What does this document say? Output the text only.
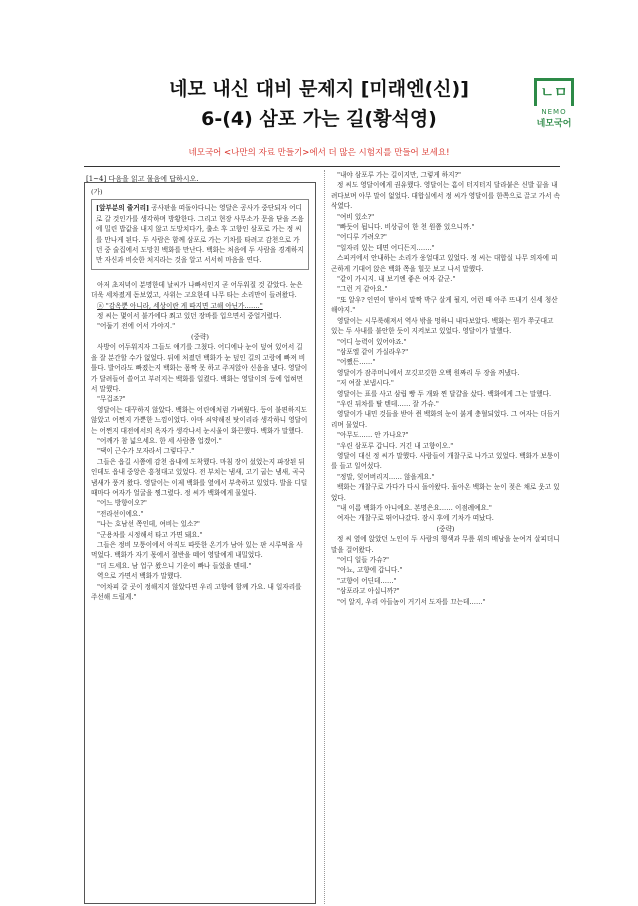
네모 내신 대비 문제지 [미래엔(신)]
6-(4) 삼포 가는 길(황석영)
ㄴㅁ
NEMO
네모국어
네모국어 <나만의 자료 만들기>에서 더 많은 시험지를 만들어 보세요!
[1~4] 다음을 읽고 물음에 답하시오.

(가)

[앞부분의 줄거리] 공사판을 떠돌아다니는 영달은 공사가 중단되자 어디로 갈 것인가를 생각하며 방황한다. 그리고 현장 사무소가 문을 닫을 즈음에 밀린 밥값을 내지 않고 도망치다가, 출소 후 고향인 삼포로 가는 정 씨를 만나게 된다. 두 사람은 함께 삼포로 가는 기차를 타려고 감천으로 가던 중 술집에서 도망친 백화를 만난다. 백화는 처음에 두 사람을 경계하지만 자신과 비슷한 처지라는 것을 알고 서서히 마음을 연다.

아저 초저녁이 분명한데 날씨가 나빠서인지 곧 어두워질 것 같았다. 눈은 더욱 세차졌게 돋보였고, 사위는 고요한데 나무 타는 소리만이 들려왔다.

ⓐ "감옥뿐 아니라, 세상이란 게 따지면 고해 아닌가……."

정 씨는 몇이서 불가에다 쬐고 있던 장바를 입으면서 중얼거렸다.

"어둡기 전에 어서 가야지."

(중략)

사방이 어두워지자 그들도 얘기를 그쳤다. 어디에나 눈이 덮여 있어서 길을 잘 분간할 수가 없었다. 뒤에 처졌던 백화가 눈 덮인 길의 고랑에 빠져 비틀다. 발어라도 빠졌는지 백화는 몸짝 못 하고 주저앉아 신음을 냈다. 영달이가 달려들어 쓸어고 부러지는 백화를 일켰다. 백화는 영달이의 등에 업혀먼서 말했다.

"무겁죠?"

영달이는 대꾸하지 않았다. 백화는 어린애처럼 가벼웠다. 등이 불편하지도 않았고 어쩐지 가뿐한 느낌이었다. 아마 쇠약해진 탓이리라 생각하니 영달이는 어쩐지 대전에서의 옥자가 생각나서 눈시울이 화끈했다. 백화가 말했다.

"어깨가 참 넓으세요. 한 세 사람쯤 업겠어."

"댁이 근수가 모자라서 그렇다구."

그들은 읍길 시쯤에 감천 읍내에 도착했다. 마침 장이 섰었는지 파장된 뒤인데도 읍내 중앙은 흥청대고 있었다. 전 부치는 냄새, 고기 굽는 냄새, 곡국 냄새가 풍겨 왔다. 영달이는 이제 백화를 옆에서 부축하고 있었다. 발을 디딜 때마다 여자가 얼굴을 찡그렸다. 정 씨가 백화에게 물었다.

"어느 방향이오?"

"전라선이에요."

"나는 호남선 쪽인데, 여비는 있소?"

"군용차를 시정해서 타고 가면 돼요."

그들은 정비 모퉁이에서 아직도 따뜻한 온기가 남아 있는 판 시루떡을 사먹었다. 백화가 자기 몫에서 절반을 떼어 영달에게 내밀었다.

"더 드세요. 남 업구 왔으니 기운이 빠나 들었을 텐데."

역으로 가면서 백화가 말했다.

"어차피 갈 곳이 정해지지 않았다면 우리 고향에 함께 가요. 내 일자리를 주선해 드릴게."

"내야 삼포루 가는 길이지만, 그렇게 하지?"

정 씨도 영달이에게 권유했다. 영달이는 흠이 터지터지 달라붙은 신발 끝을 내려다보며 아무 말이 없었다. 대합실에서 정 씨가 영달이를 한쪽으로 끌고 가서 속삭였다.

"여비 있소?"

"빠듯이 됩니다. 비상금이 한 천 원쯤 있으니까."

"어디루 가려오?"

"일자리 있는 데면 어디든지……."

스피커에서 안내하는 소리가 웅얼대고 있었다. 정 씨는 대합실 나무 의자에 피곤하게 기대어 앉은 백화 쪽을 힐끗 보고 나서 말했다.

"같이 가시지. 내 보기엔 좋은 여자 같군."

"그런 거 같아요."

"또 알우? 인연이 닿아서 말짝 박구 살게 될지, 어런 때 아주 뜨내기 신세 청산해야지."

영달이는 시무룩해져서 역사 밖을 멍하니 내다보았다. 백화는 뭔가 쭈굿대고 있는 두 사내를 불안한 듯이 지켜보고 있었다. 영달이가 말했다.

"어디 능력이 있어야죠."

"삼포엘 같이 가실라우?"

"어쨌든……"

영달이가 잠주머니에서 꼬깃꼬깃한 오백 원짜리 두 장을 꺼냈다.

"저 여잘 보냅시다."

영달이는 표를 사고 삼립 빵 두 개와 찐 달걀을 샀다. 백화에게 그는 말했다.

"우린 뒤차를 탈 텐데…… 잘 가슈."

영달이가 내민 것들을 받아 쥔 백화의 눈이 붉게 충혈되었다. 그 여자는 더듬거리며 물었다.

"아무도…… 안 가나요?"

"우린 삼포루 갑니다. 거긴 내 고향이오."

영달이 대신 정 씨가 말했다. 사람들이 개찰구로 나가고 있었다. 백화가 보퉁이를 들고 일어섰다.

"정말, 잊어버리지…… 않을게요."

백화는 개찰구로 가다가 다시 돌아왔다. 돌아온 백화는 눈이 젖은 채로 웃고 있었다.

"내 이름 백화가 아니에요. 본명은요…… 이점례예요."

여자는 개찰구로 뛰어나갔다. 잠시 후에 기차가 떠났다.

(중략)

정 씨 옆에 앉았던 노인이 두 사람의 행색과 무릎 위의 배낭을 눈여겨 살피더니 말을 걸어왔다.

"어디 일들 가슈?"

"아뇨, 고향에 갑니다."

"고향이 어딘데……"

"삼포라고 아십니까?"

"어 알지, 우리 아들놈이 거기서 도자를 끄는데……"
